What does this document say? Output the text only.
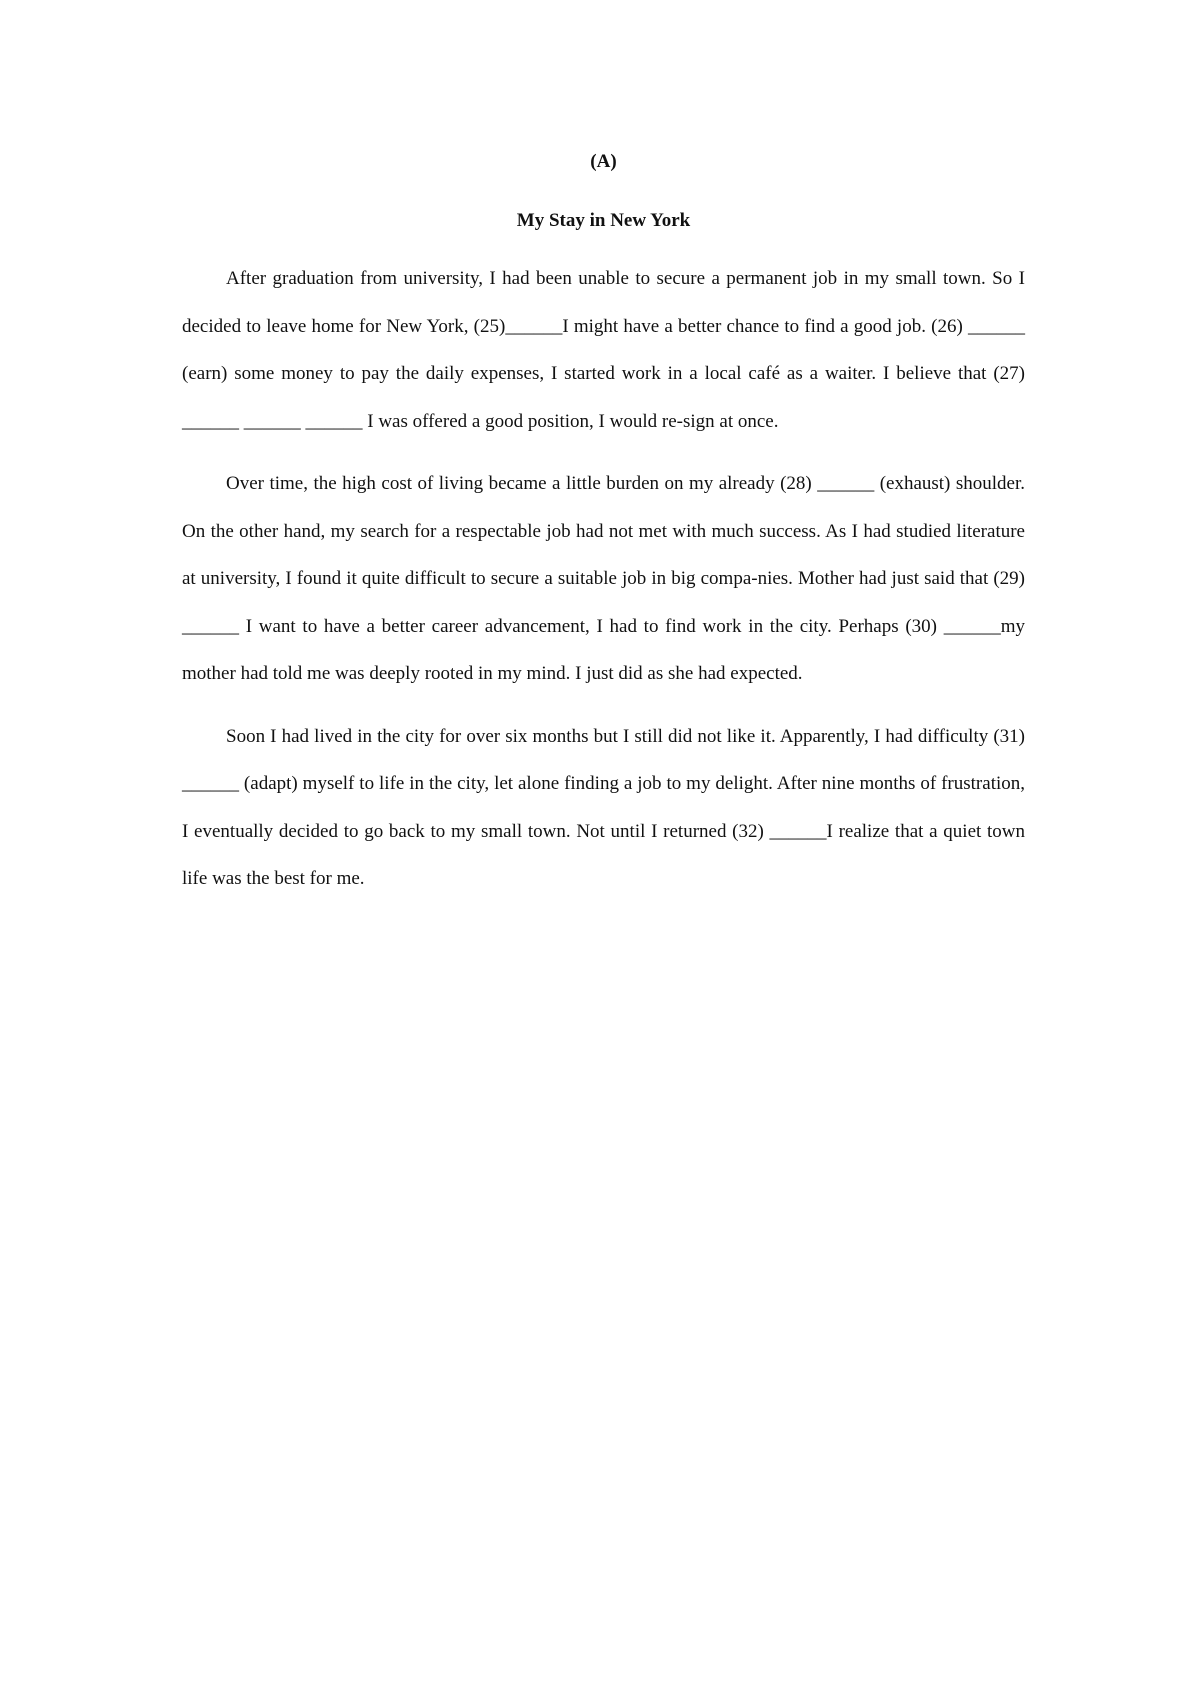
(A)
My Stay in New York

After graduation from university, I had been unable to secure a permanent job in my small town. So I decided to leave home for New York, (25)______I might have a better chance to find a good job. (26) ______ (earn) some money to pay the daily expenses, I started work in a local café as a waiter. I believe that (27) ______ ______ ______ I was offered a good position, I would re-sign at once.

Over time, the high cost of living became a little burden on my already (28) ______ (exhaust) shoulder. On the other hand, my search for a respectable job had not met with much success. As I had studied literature at university, I found it quite difficult to secure a suitable job in big compa-nies. Mother had just said that (29) ______ I want to have a better career advancement, I had to find work in the city. Perhaps (30) ______my mother had told me was deeply rooted in my mind. I just did as she had expected.

Soon I had lived in the city for over six months but I still did not like it. Apparently, I had difficulty (31) ______ (adapt) myself to life in the city, let alone finding a job to my delight. After nine months of frustration, I eventually decided to go back to my small town. Not until I returned (32) ______I realize that a quiet town life was the best for me.
